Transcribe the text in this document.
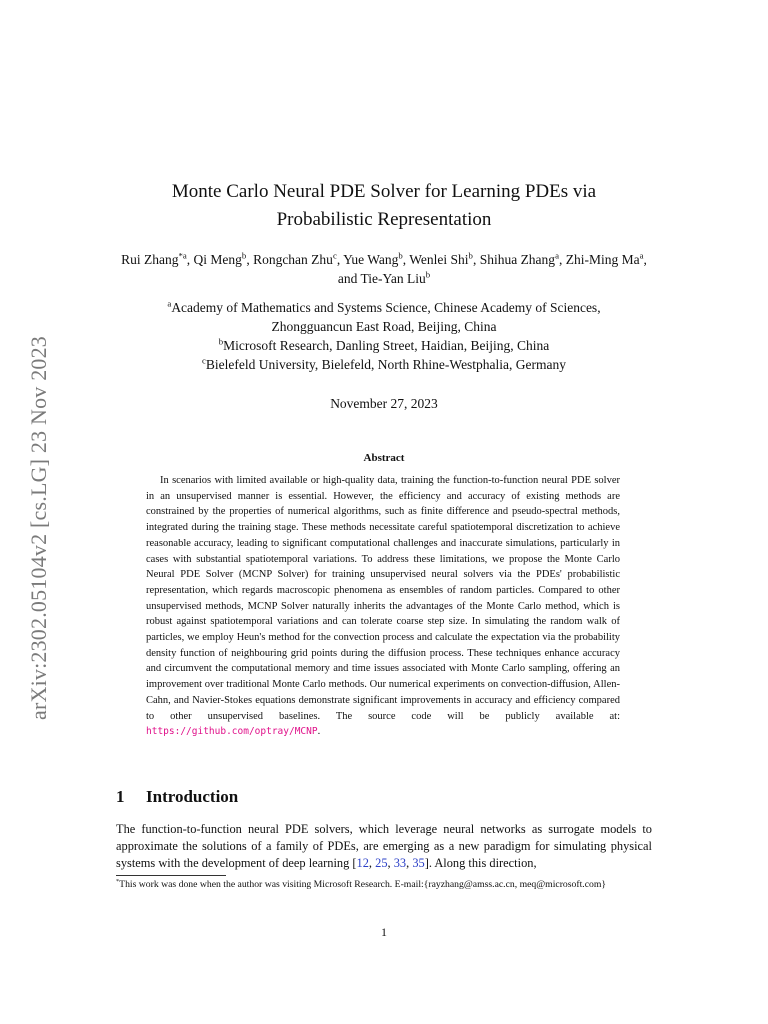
arXiv:2302.05104v2 [cs.LG] 23 Nov 2023
Monte Carlo Neural PDE Solver for Learning PDEs via
Probabilistic Representation
Rui Zhang$^{*a}$, Qi Meng$^b$, Rongchan Zhu$^c$, Yue Wang$^b$, Wenlei Shi$^b$, Shihua Zhang$^a$, Zhi-Ming Ma$^a$, and Tie-Yan Liu$^b$
$^a$Academy of Mathematics and Systems Science, Chinese Academy of Sciences,
Zhongguancun East Road, Beijing, China
$^b$Microsoft Research, Danling Street, Haidian, Beijing, China
$^c$Bielefeld University, Bielefeld, North Rhine-Westphalia, Germany
November 27, 2023
Abstract

In scenarios with limited available or high-quality data, training the function-to-function neural PDE solver in an unsupervised manner is essential. However, the efficiency and accuracy of existing methods are constrained by the properties of numerical algorithms, such as finite difference and pseudo-spectral methods, integrated during the training stage. These methods necessitate careful spatiotemporal discretization to achieve reasonable accuracy, leading to significant computational challenges and inaccurate simulations, particularly in cases with substantial spatiotemporal variations. To address these limitations, we propose the Monte Carlo Neural PDE Solver (MCNP Solver) for training unsupervised neural solvers via the PDEs' probabilistic representation, which regards macroscopic phenomena as ensembles of random particles. Compared to other unsupervised methods, MCNP Solver naturally inherits the advantages of the Monte Carlo method, which is robust against spatiotemporal variations and can tolerate coarse step size. In simulating the random walk of particles, we employ Heun's method for the convection process and calculate the expectation via the probability density function of neighbouring grid points during the diffusion process. These techniques enhance accuracy and circumvent the computational memory and time issues associated with Monte Carlo sampling, offering an improvement over traditional Monte Carlo methods. Our numerical experiments on convection-diffusion, Allen-Cahn, and Navier-Stokes equations demonstrate significant improvements in accuracy and efficiency compared to other unsupervised baselines. The source code will be publicly available at: https://github.com/optray/MCNP.

1 Introduction

The function-to-function neural PDE solvers, which leverage neural networks as surrogate models to approximate the solutions of a family of PDEs, are emerging as a new paradigm for simulating physical systems with the development of deep learning [12, 25, 33, 35]. Along this direction,

*This work was done when the author was visiting Microsoft Research. E-mail:{rayzhang@amss.ac.cn, meq@microsoft.com}

1
